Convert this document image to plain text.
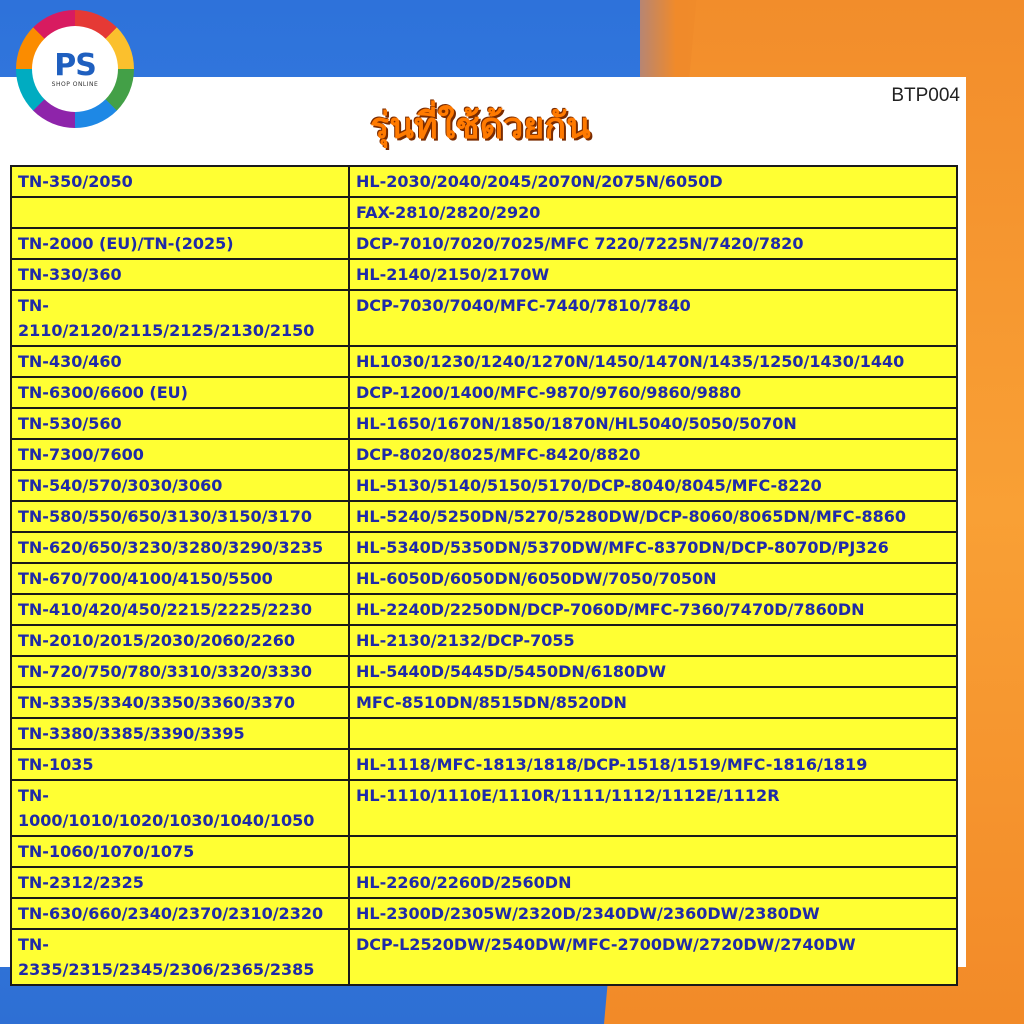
PS
SHOP ONLINE
BTP004
รุ่นที่ใช้ด้วยกัน
TN-350/2050	HL-2030/2040/2045/2070N/2075N/6050D
	FAX-2810/2820/2920
TN-2000 (EU)/TN-(2025)	DCP-7010/7020/7025/MFC 7220/7225N/7420/7820
TN-330/360	HL-2140/2150/2170W
TN-2110/2120/2115/2125/2130/2150	DCP-7030/7040/MFC-7440/7810/7840
TN-430/460	HL1030/1230/1240/1270N/1450/1470N/1435/1250/1430/1440
TN-6300/6600 (EU)	DCP-1200/1400/MFC-9870/9760/9860/9880
TN-530/560	HL-1650/1670N/1850/1870N/HL5040/5050/5070N
TN-7300/7600	DCP-8020/8025/MFC-8420/8820
TN-540/570/3030/3060	HL-5130/5140/5150/5170/DCP-8040/8045/MFC-8220
TN-580/550/650/3130/3150/3170	HL-5240/5250DN/5270/5280DW/DCP-8060/8065DN/MFC-8860
TN-620/650/3230/3280/3290/3235	HL-5340D/5350DN/5370DW/MFC-8370DN/DCP-8070D/PJ326
TN-670/700/4100/4150/5500	HL-6050D/6050DN/6050DW/7050/7050N
TN-410/420/450/2215/2225/2230	HL-2240D/2250DN/DCP-7060D/MFC-7360/7470D/7860DN
TN-2010/2015/2030/2060/2260	HL-2130/2132/DCP-7055
TN-720/750/780/3310/3320/3330	HL-5440D/5445D/5450DN/6180DW
TN-3335/3340/3350/3360/3370	MFC-8510DN/8515DN/8520DN
TN-3380/3385/3390/3395	
TN-1035	HL-1118/MFC-1813/1818/DCP-1518/1519/MFC-1816/1819
TN-1000/1010/1020/1030/1040/1050	HL-1110/1110E/1110R/1111/1112/1112E/1112R
TN-1060/1070/1075	
TN-2312/2325	HL-2260/2260D/2560DN
TN-630/660/2340/2370/2310/2320	HL-2300D/2305W/2320D/2340DW/2360DW/2380DW
TN-2335/2315/2345/2306/2365/2385	DCP-L2520DW/2540DW/MFC-2700DW/2720DW/2740DW
